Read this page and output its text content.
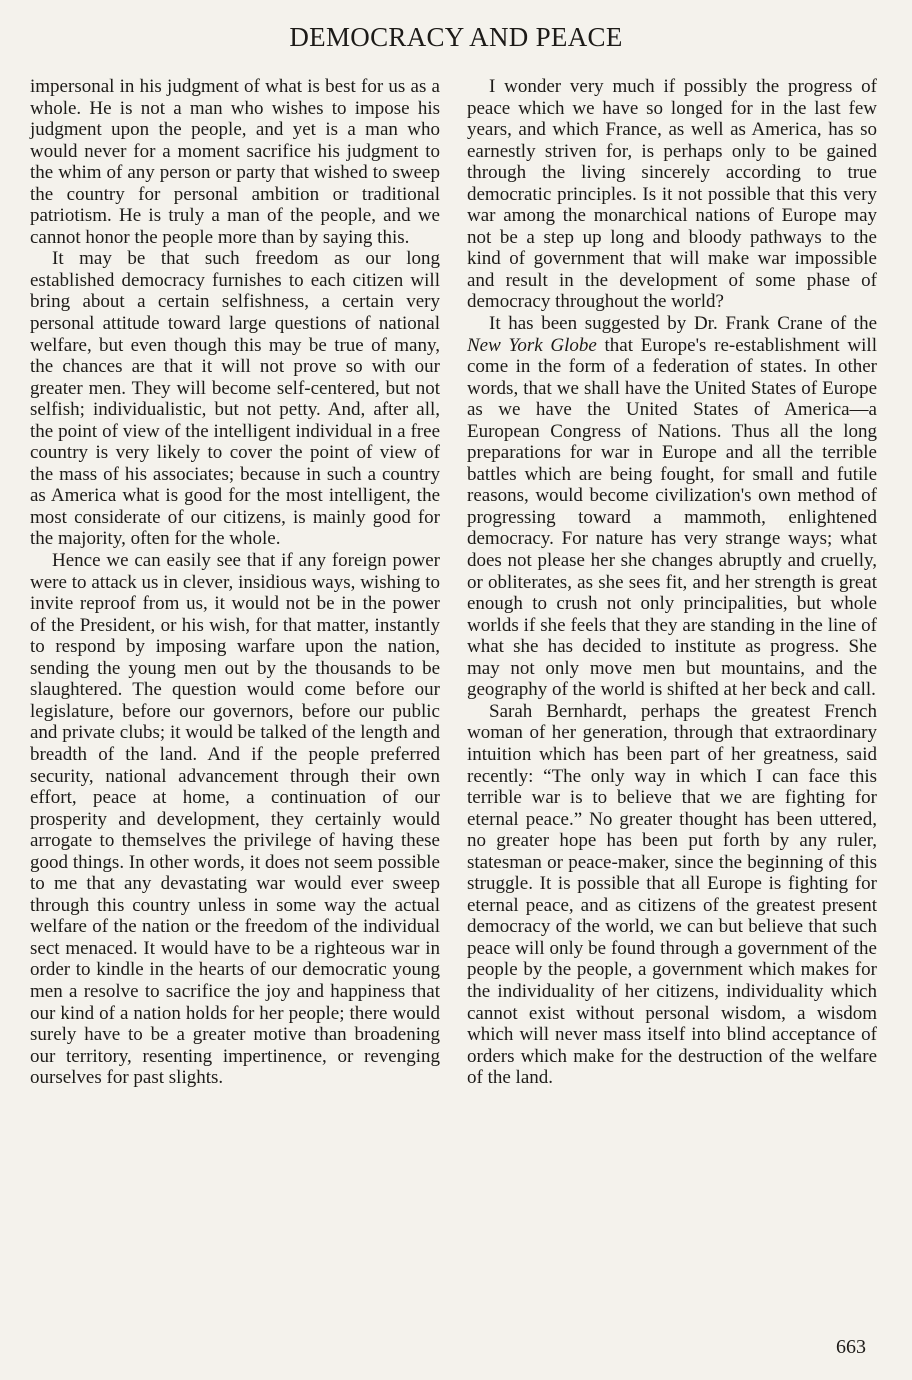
DEMOCRACY AND PEACE

impersonal in his judgment of what is best for us as a whole. He is not a man who wishes to impose his judgment upon the people, and yet is a man who would never for a moment sacrifice his judgment to the whim of any person or party that wished to sweep the country for personal ambition or traditional patriotism. He is truly a man of the people, and we cannot honor the people more than by saying this.

It may be that such freedom as our long established democracy furnishes to each citizen will bring about a certain selfishness, a certain very personal attitude toward large questions of national welfare, but even though this may be true of many, the chances are that it will not prove so with our greater men. They will become self-centered, but not selfish; individualistic, but not petty. And, after all, the point of view of the intelligent individual in a free country is very likely to cover the point of view of the mass of his associates; because in such a country as America what is good for the most intelligent, the most considerate of our citizens, is mainly good for the majority, often for the whole.

Hence we can easily see that if any foreign power were to attack us in clever, insidious ways, wishing to invite reproof from us, it would not be in the power of the President, or his wish, for that matter, instantly to respond by imposing warfare upon the nation, sending the young men out by the thousands to be slaughtered. The question would come before our legislature, before our governors, before our public and private clubs; it would be talked of the length and breadth of the land. And if the people preferred security, national advancement through their own effort, peace at home, a continuation of our prosperity and development, they certainly would arrogate to themselves the privilege of having these good things. In other words, it does not seem possible to me that any devastating war would ever sweep through this country unless in some way the actual welfare of the nation or the freedom of the individual sect menaced. It would have to be a righteous war in order to kindle in the hearts of our democratic young men a resolve to sacrifice the joy and happiness that our kind of a nation holds for her people; there would surely have to be a greater motive than broadening our territory, resenting impertinence, or revenging ourselves for past slights.

I wonder very much if possibly the progress of peace which we have so longed for in the last few years, and which France, as well as America, has so earnestly striven for, is perhaps only to be gained through the living sincerely according to true democratic principles. Is it not possible that this very war among the monarchical nations of Europe may not be a step up long and bloody pathways to the kind of government that will make war impossible and result in the development of some phase of democracy throughout the world?

It has been suggested by Dr. Frank Crane of the New York Globe that Europe's re-establishment will come in the form of a federation of states. In other words, that we shall have the United States of Europe as we have the United States of America—a European Congress of Nations. Thus all the long preparations for war in Europe and all the terrible battles which are being fought, for small and futile reasons, would become civilization's own method of progressing toward a mammoth, enlightened democracy. For nature has very strange ways; what does not please her she changes abruptly and cruelly, or obliterates, as she sees fit, and her strength is great enough to crush not only principalities, but whole worlds if she feels that they are standing in the line of what she has decided to institute as progress. She may not only move men but mountains, and the geography of the world is shifted at her beck and call.

Sarah Bernhardt, perhaps the greatest French woman of her generation, through that extraordinary intuition which has been part of her greatness, said recently: “The only way in which I can face this terrible war is to believe that we are fighting for eternal peace.” No greater thought has been uttered, no greater hope has been put forth by any ruler, statesman or peace-maker, since the beginning of this struggle. It is possible that all Europe is fighting for eternal peace, and as citizens of the greatest present democracy of the world, we can but believe that such peace will only be found through a government of the people by the people, a government which makes for the individuality of her citizens, individuality which cannot exist without personal wisdom, a wisdom which will never mass itself into blind acceptance of orders which make for the destruction of the welfare of the land.

663
